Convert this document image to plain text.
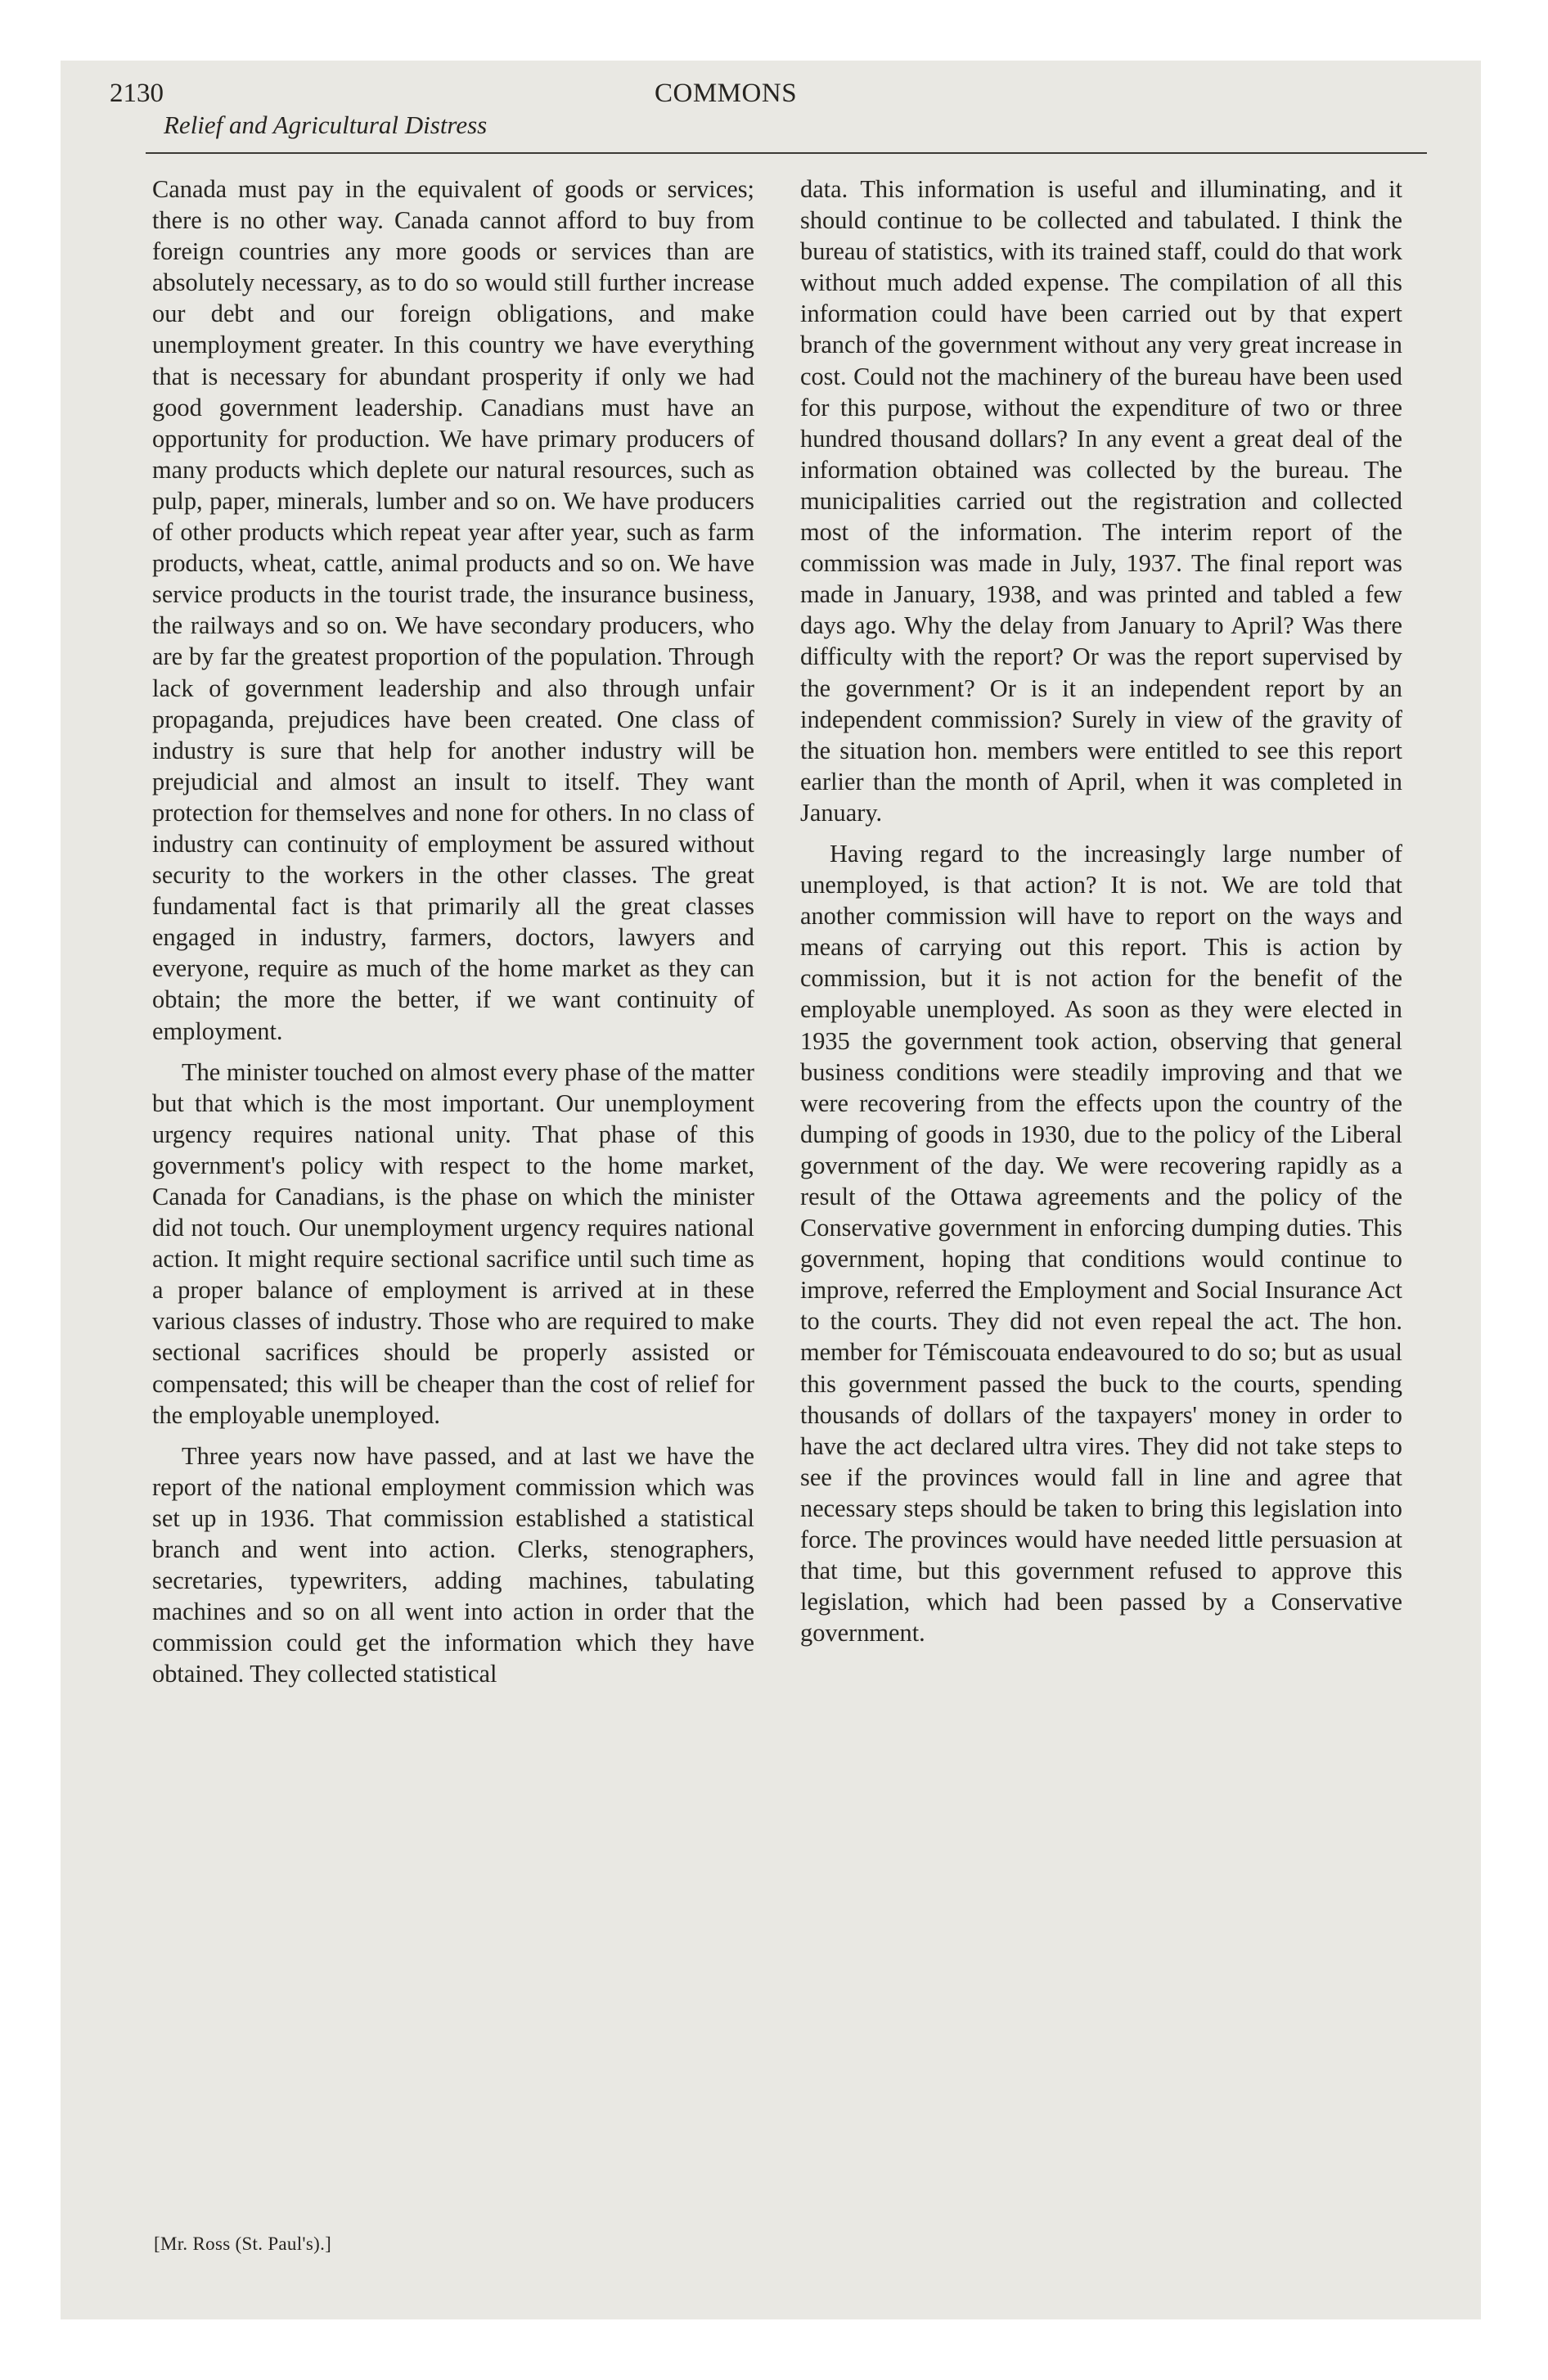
2130	COMMONS
Relief and Agricultural Distress

Canada must pay in the equivalent of goods or services; there is no other way. Canada cannot afford to buy from foreign countries any more goods or services than are absolutely necessary, as to do so would still further increase our debt and our foreign obligations, and make unemployment greater. In this country we have everything that is necessary for abundant prosperity if only we had good government leadership. Canadians must have an opportunity for production. We have primary producers of many products which deplete our natural resources, such as pulp, paper, minerals, lumber and so on. We have producers of other products which repeat year after year, such as farm products, wheat, cattle, animal products and so on. We have service products in the tourist trade, the insurance business, the railways and so on. We have secondary producers, who are by far the greatest proportion of the population. Through lack of government leadership and also through unfair propaganda, prejudices have been created. One class of industry is sure that help for another industry will be prejudicial and almost an insult to itself. They want protection for themselves and none for others. In no class of industry can continuity of employment be assured without security to the workers in the other classes. The great fundamental fact is that primarily all the great classes engaged in industry, farmers, doctors, lawyers and everyone, require as much of the home market as they can obtain; the more the better, if we want continuity of employment.

The minister touched on almost every phase of the matter but that which is the most important. Our unemployment urgency requires national unity. That phase of this government's policy with respect to the home market, Canada for Canadians, is the phase on which the minister did not touch. Our unemployment urgency requires national action. It might require sectional sacrifice until such time as a proper balance of employment is arrived at in these various classes of industry. Those who are required to make sectional sacrifices should be properly assisted or compensated; this will be cheaper than the cost of relief for the employable unemployed.

Three years now have passed, and at last we have the report of the national employment commission which was set up in 1936. That commission established a statistical branch and went into action. Clerks, stenographers, secretaries, typewriters, adding machines, tabulating machines and so on all went into action in order that the commission could get the information which they have obtained. They collected statistical

data. This information is useful and illuminating, and it should continue to be collected and tabulated. I think the bureau of statistics, with its trained staff, could do that work without much added expense. The compilation of all this information could have been carried out by that expert branch of the government without any very great increase in cost. Could not the machinery of the bureau have been used for this purpose, without the expenditure of two or three hundred thousand dollars? In any event a great deal of the information obtained was collected by the bureau. The municipalities carried out the registration and collected most of the information. The interim report of the commission was made in July, 1937. The final report was made in January, 1938, and was printed and tabled a few days ago. Why the delay from January to April? Was there difficulty with the report? Or was the report supervised by the government? Or is it an independent report by an independent commission? Surely in view of the gravity of the situation hon. members were entitled to see this report earlier than the month of April, when it was completed in January.

Having regard to the increasingly large number of unemployed, is that action? It is not. We are told that another commission will have to report on the ways and means of carrying out this report. This is action by commission, but it is not action for the benefit of the employable unemployed. As soon as they were elected in 1935 the government took action, observing that general business conditions were steadily improving and that we were recovering from the effects upon the country of the dumping of goods in 1930, due to the policy of the Liberal government of the day. We were recovering rapidly as a result of the Ottawa agreements and the policy of the Conservative government in enforcing dumping duties. This government, hoping that conditions would continue to improve, referred the Employment and Social Insurance Act to the courts. They did not even repeal the act. The hon. member for Témiscouata endeavoured to do so; but as usual this government passed the buck to the courts, spending thousands of dollars of the taxpayers' money in order to have the act declared ultra vires. They did not take steps to see if the provinces would fall in line and agree that necessary steps should be taken to bring this legislation into force. The provinces would have needed little persuasion at that time, but this government refused to approve this legislation, which had been passed by a Conservative government.

[Mr. Ross (St. Paul's).]
